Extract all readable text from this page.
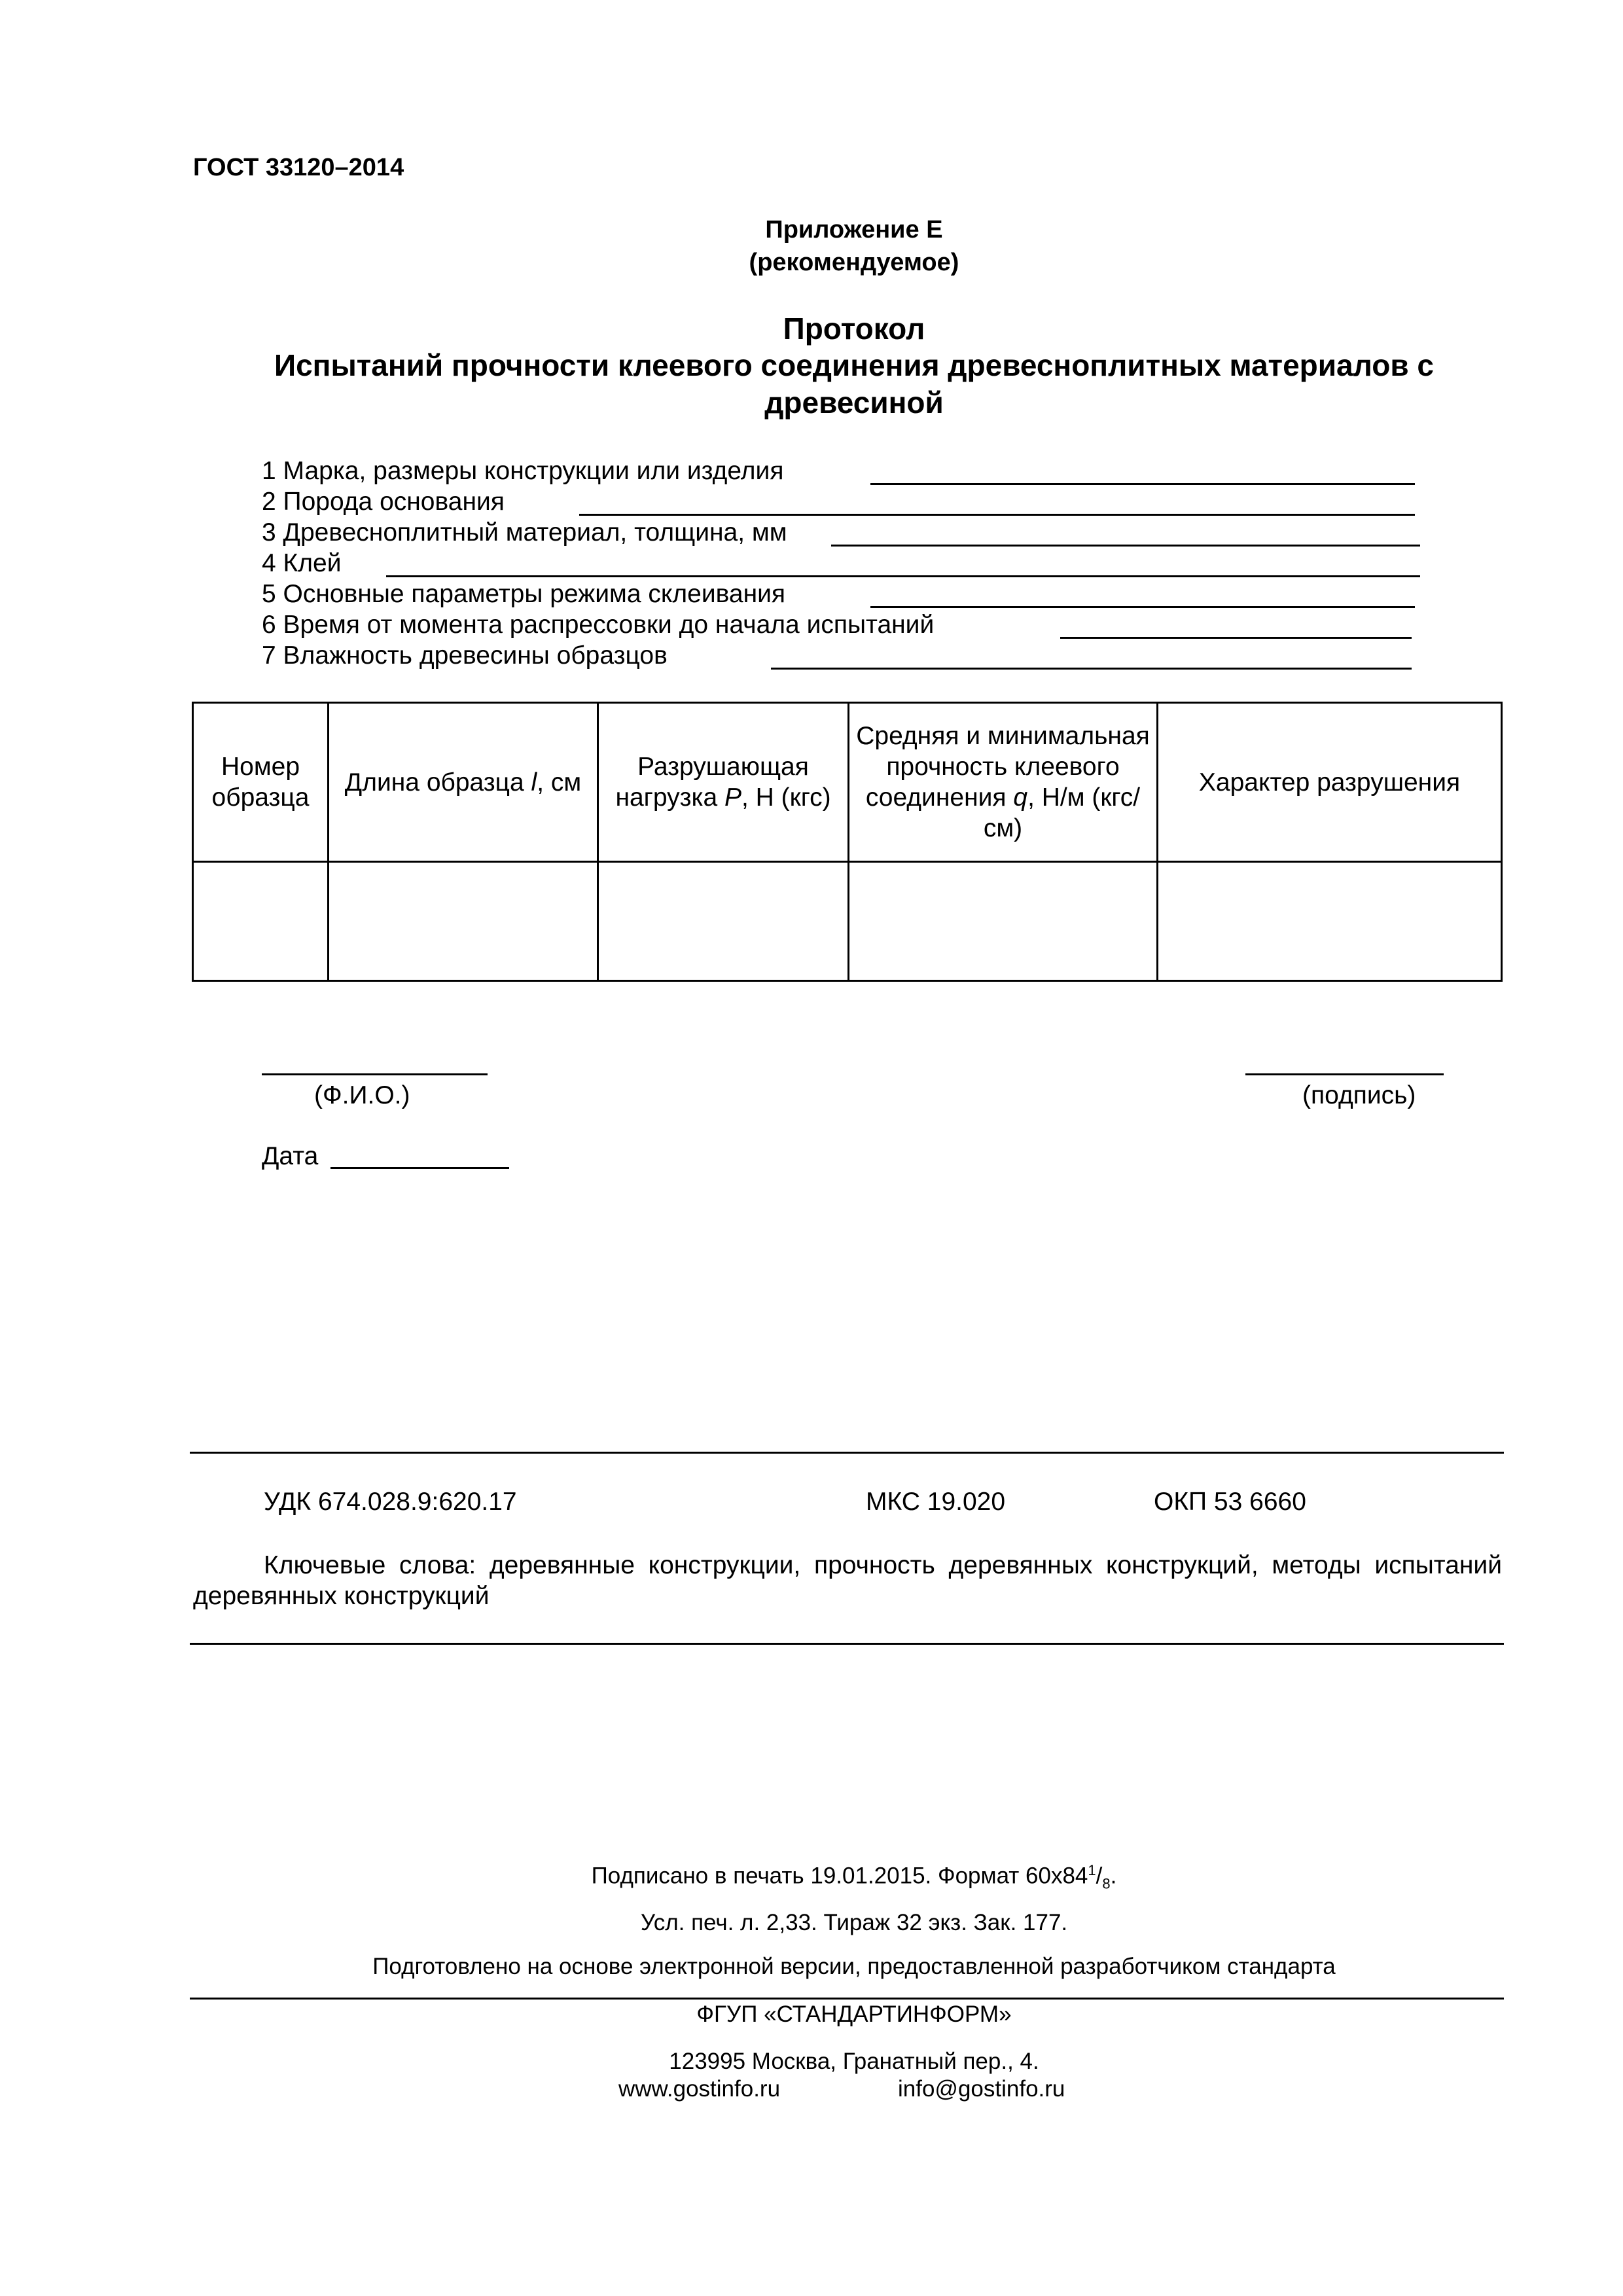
ГОСТ 33120–2014
Приложение Е
(рекомендуемое)
Протокол
Испытаний прочности клеевого соединения древесноплитных материалов с древесиной
1 Марка, размеры конструкции или изделия
2 Порода основания
3 Древесноплитный материал, толщина, мм
4 Клей
5 Основные параметры режима склеивания
6 Время от момента распрессовки до начала испытаний
7 Влажность древесины образцов
Номер образца	Длина образца l, см	Разрушающая нагрузка P, Н (кгс)	Средняя и минимальная прочность клеевого соединения q, Н/м (кгс/см)	Характер разрушения

(Ф.И.О.)	(подпись)
Дата
УДК 674.028.9:620.17	МКС 19.020	ОКП 53 6660
Ключевые слова: деревянные конструкции, прочность деревянных конструкций, методы испытаний деревянных конструкций
Подписано в печать 19.01.2015. Формат $60х84^1/_8$.
Усл. печ. л. 2,33. Тираж 32 экз. Зак. 177.
Подготовлено на основе электронной версии, предоставленной разработчиком стандарта
ФГУП «СТАНДАРТИНФОРМ»
123995 Москва, Гранатный пер., 4.
www.gostinfo.ru	info@gostinfo.ru
